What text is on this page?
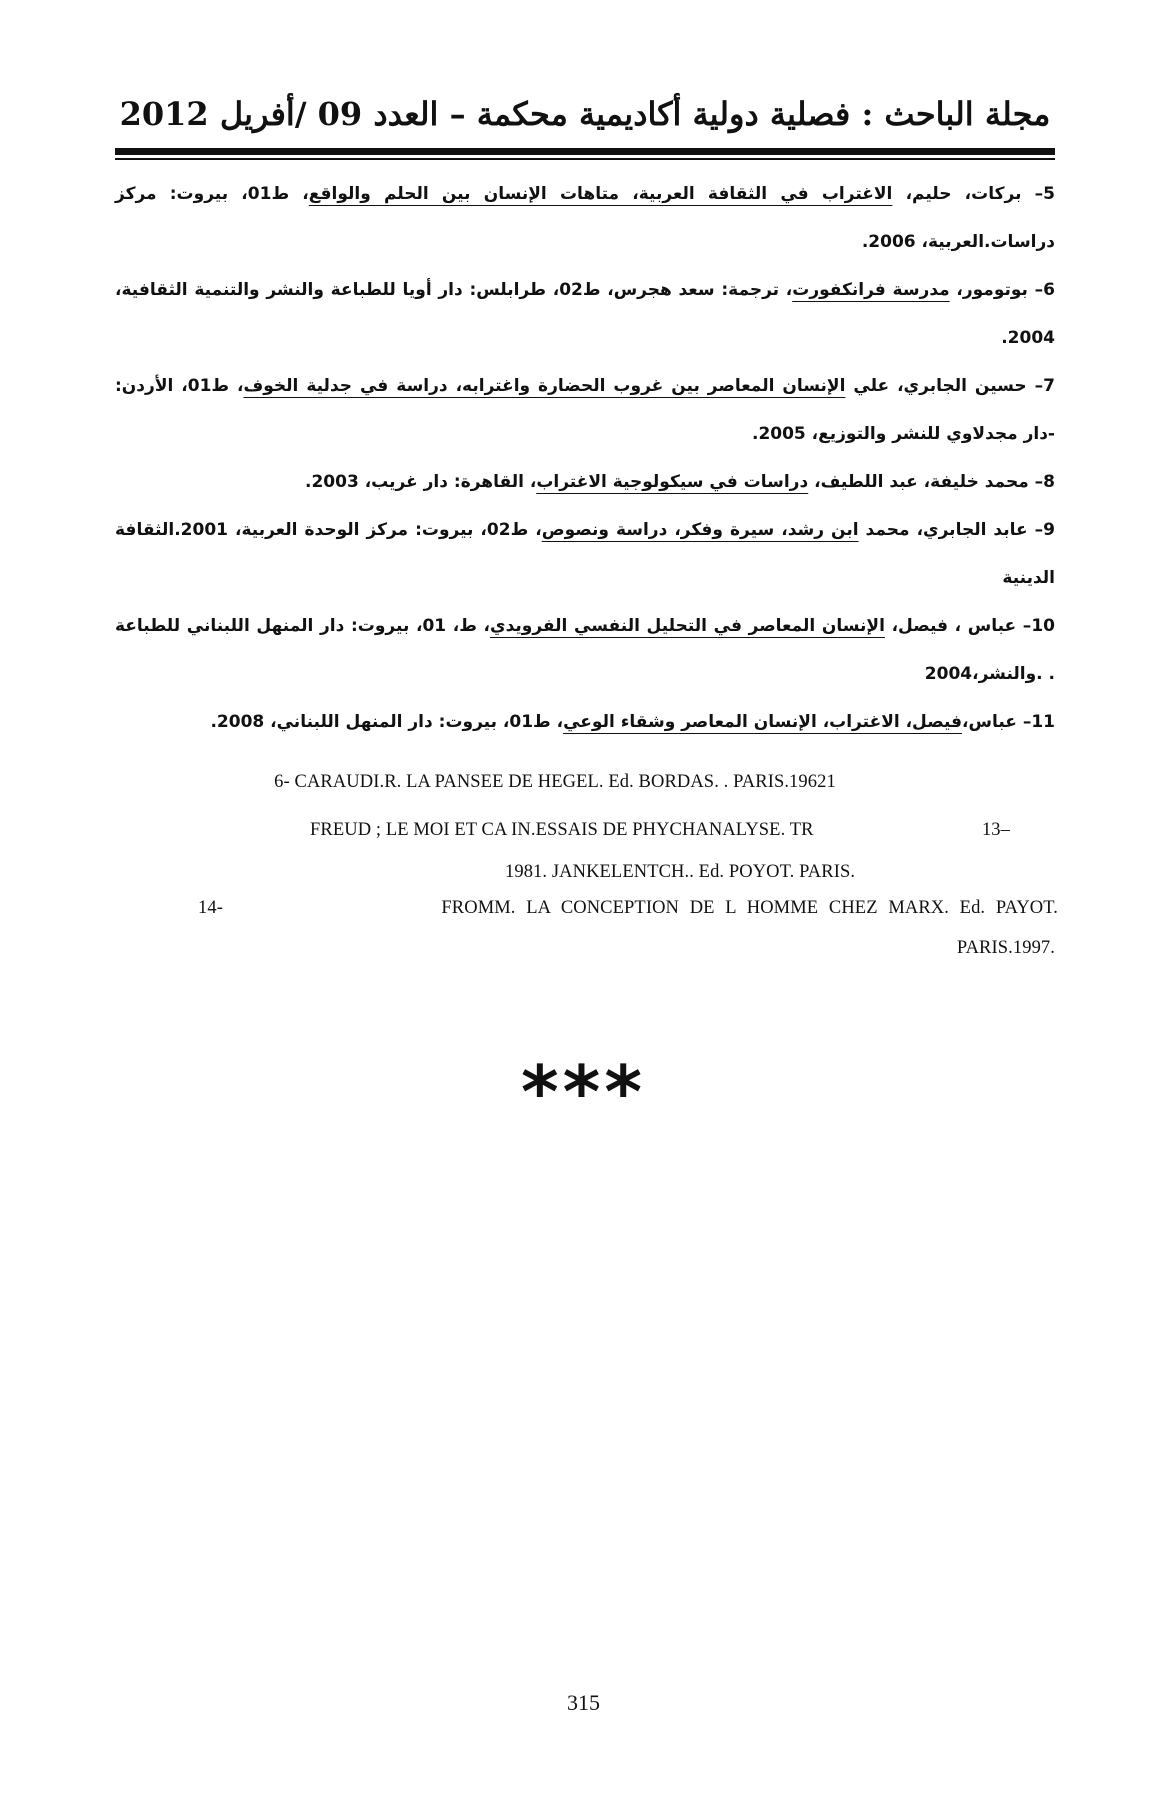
مجلة الباحث : فصلية دولية أكاديمية محكمة – العدد 09 /أفريل 2012
5– بركات، حليم، الاغتراب في الثقافة العربية، متاهات الإنسان بين الحلم والواقع، ط01، بيروت: مركز دراسات.العربية، 2006.
6– بوتومور، مدرسة فرانكفورت، ترجمة: سعد هجرس، ط02، طرابلس: دار أويا للطباعة والنشر والتنمية الثقافية، 2004.
7– حسين الجابري، علي الإنسان المعاصر بين غروب الحضارة واغترابه، دراسة في جدلية الخوف، ط01، الأردن: -دار مجدلاوي للنشر والتوزيع، 2005.
8– محمد خليفة، عبد اللطيف، دراسات في سيكولوجية الاغتراب، القاهرة: دار غريب، 2003.
9– عابد الجابري، محمد ابن رشد، سيرة وفكر، دراسة ونصوص، ط02، بيروت: مركز الوحدة العربية، 2001.الثقافة الدينية
10– عباس ، فيصل، الإنسان المعاصر في التحليل النفسي الفرويدي، ط، 01، بيروت: دار المنهل اللبناني للطباعة . .والنشر،2004
11– عباس،فيصل، الاغتراب، الإنسان المعاصر وشقاء الوعي، ط01، بيروت: دار المنهل اللبناني، 2008.
6- CARAUDI.R. LA PANSEE DE HEGEL. Ed. BORDAS. . PARIS.19621
FREUD ; LE MOI ET CA IN.ESSAIS DE PHYCHANALYSE. TR	13–
1981. JANKELENTCH.. Ed. POYOT. PARIS.
14-	FROMM. LA CONCEPTION DE L HOMME CHEZ MARX. Ed. PAYOT.
PARIS.1997.
***
315
